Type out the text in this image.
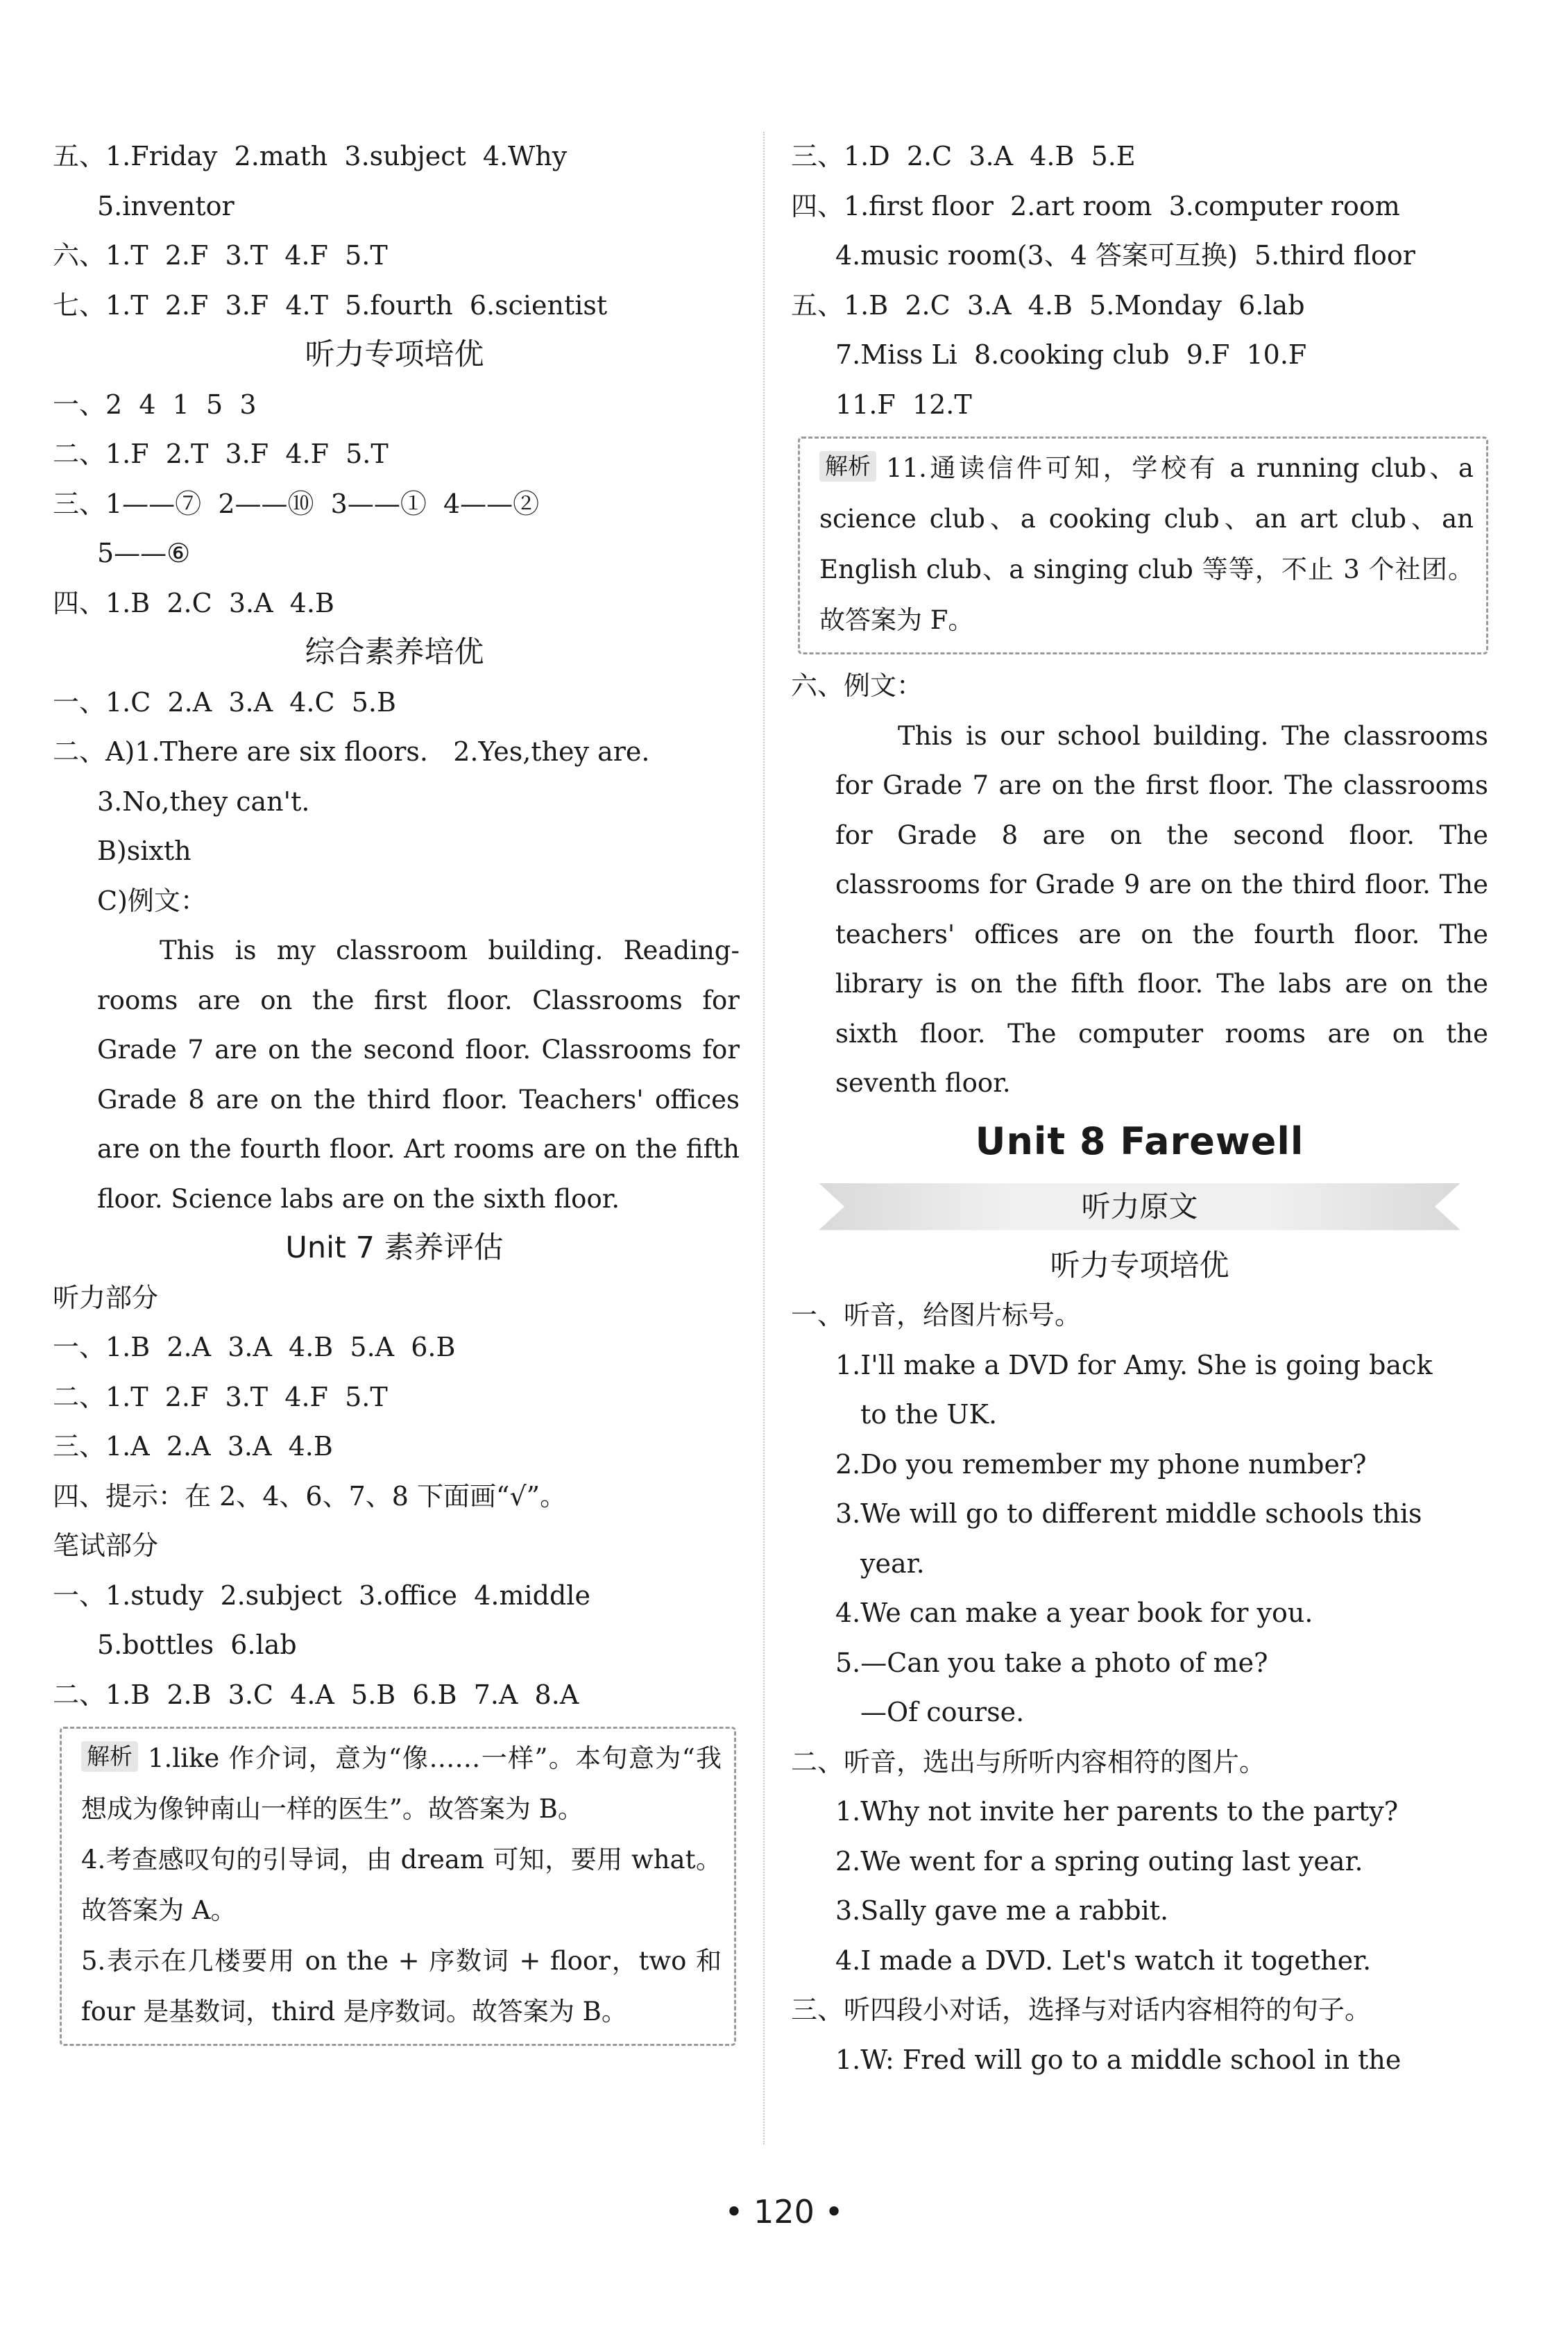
五、1.Friday  2.math  3.subject  4.Why
5.inventor
六、1.T  2.F  3.T  4.F  5.T
七、1.T  2.F  3.F  4.T  5.fourth  6.scientist
听力专项培优
一、2  4  1  5  3
二、1.F  2.T  3.F  4.F  5.T
三、1——⑦  2——⑩  3——①  4——②
5——⑥
四、1.B  2.C  3.A  4.B
综合素养培优
一、1.C  2.A  3.A  4.C  5.B
二、A)1.There are six floors.   2.Yes,they are.
3.No,they can't.
B)sixth
C)例文：
This is my classroom building. Reading-rooms are on the first floor. Classrooms for Grade 7 are on the second floor. Classrooms for Grade 8 are on the third floor. Teachers' offices are on the fourth floor. Art rooms are on the fifth floor. Science labs are on the sixth floor.
Unit 7 素养评估
听力部分
一、1.B  2.A  3.A  4.B  5.A  6.B
二、1.T  2.F  3.T  4.F  5.T
三、1.A  2.A  3.A  4.B
四、提示：在 2、4、6、7、8 下面画“√”。
笔试部分
一、1.study  2.subject  3.office  4.middle
5.bottles  6.lab
二、1.B  2.B  3.C  4.A  5.B  6.B  7.A  8.A
解析 1.like 作介词，意为“像……一样”。本句意为“我想成为像钟南山一样的医生”。故答案为 B。
4.考查感叹句的引导词，由 dream 可知，要用 what。故答案为 A。
5.表示在几楼要用 on the + 序数词 + floor，two 和 four 是基数词，third 是序数词。故答案为 B。
三、1.D  2.C  3.A  4.B  5.E
四、1.first floor  2.art room  3.computer room
4.music room(3、4 答案可互换)  5.third floor
五、1.B  2.C  3.A  4.B  5.Monday  6.lab
7.Miss Li  8.cooking club  9.F  10.F
11.F  12.T
解析 11.通读信件可知，学校有 a running club、a science club、a cooking club、an art club、an English club、a singing club 等等，不止 3 个社团。故答案为 F。
六、例文：
This is our school building. The classrooms for Grade 7 are on the first floor. The classrooms for Grade 8 are on the second floor. The classrooms for Grade 9 are on the third floor. The teachers' offices are on the fourth floor. The library is on the fifth floor. The labs are on the sixth floor. The computer rooms are on the seventh floor.
Unit 8 Farewell
听力原文
听力专项培优
一、听音，给图片标号。
1.I'll make a DVD for Amy. She is going back
to the UK.
2.Do you remember my phone number?
3.We will go to different middle schools this
year.
4.We can make a year book for you.
5.—Can you take a photo of me?
—Of course.
二、听音，选出与所听内容相符的图片。
1.Why not invite her parents to the party?
2.We went for a spring outing last year.
3.Sally gave me a rabbit.
4.I made a DVD. Let's watch it together.
三、听四段小对话，选择与对话内容相符的句子。
1.W: Fred will go to a middle school in the
• 120 •
